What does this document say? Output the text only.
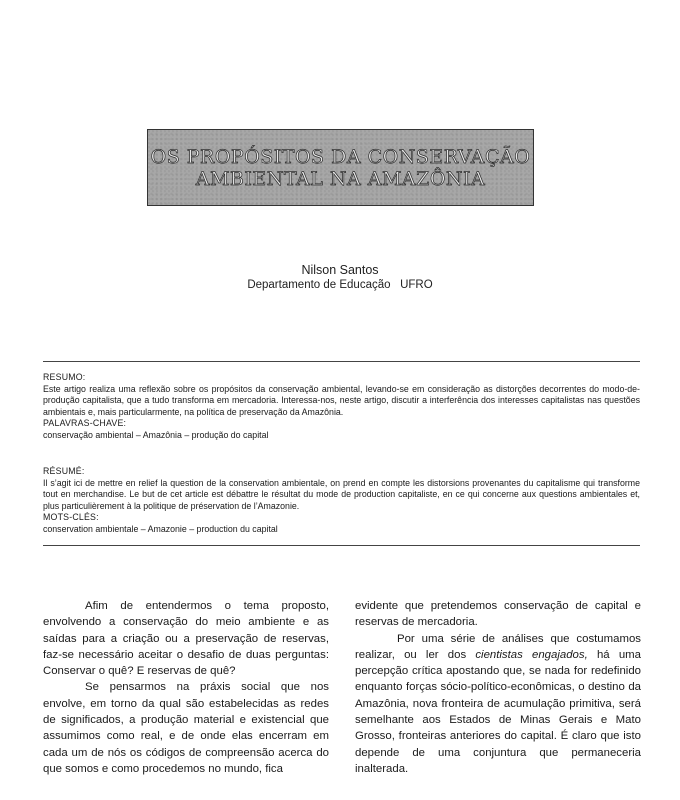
OS PROPÓSITOS DA CONSERVAÇÃO
AMBIENTAL NA AMAZÔNIA
Nilson Santos
Departamento de Educação   UFRO
RESUMO:
Este artigo realiza uma reflexão sobre os propósitos da conservação ambiental, levando-se em consideração as distorções decorrentes do modo-de-produção capitalista, que a tudo transforma em mercadoria. Interessa-nos, neste artigo, discutir a interferência dos interesses capitalistas nas questões ambientais e, mais particularmente, na política de preservação da Amazônia.
PALAVRAS-CHAVE:
conservação ambiental – Amazônia – produção do capital
RÉSUMÉ:
Il s’agit ici de mettre en relief la question de la conservation ambientale, on prend en compte les distorsions provenantes du capitalisme qui transforme tout en merchandise. Le but de cet article est débattre le résultat du mode de production capitaliste, en ce qui concerne aux questions ambientales et, plus particulièrement à la politique de préservation de l’Amazonie.
MOTS-CLÉS:
conservation ambientale – Amazonie – production du capital

Afim de entendermos o tema proposto, envolvendo a conservação do meio ambiente e as saídas para a criação ou a preservação de reservas, faz-se necessário aceitar o desafio de duas perguntas: Conservar o quê? E reservas de quê?

Se pensarmos na práxis social que nos envolve, em torno da qual são estabelecidas as redes de significados, a produção material e existencial que assumimos como real, e de onde elas encerram em cada um de nós os códigos de compreensão acerca do que somos e como procedemos no mundo, fica

evidente que pretendemos conservação de capital e reservas de mercadoria.

Por uma série de análises que costumamos realizar, ou ler dos cientistas engajados, há uma percepção crítica apostando que, se nada for redefinido enquanto forças sócio-político-econômicas, o destino da Amazônia, nova fronteira de acumulação primitiva, será semelhante aos Estados de Minas Gerais e Mato Grosso, fronteiras anteriores do capital. É claro que isto depende de uma conjuntura que permaneceria inalterada.
